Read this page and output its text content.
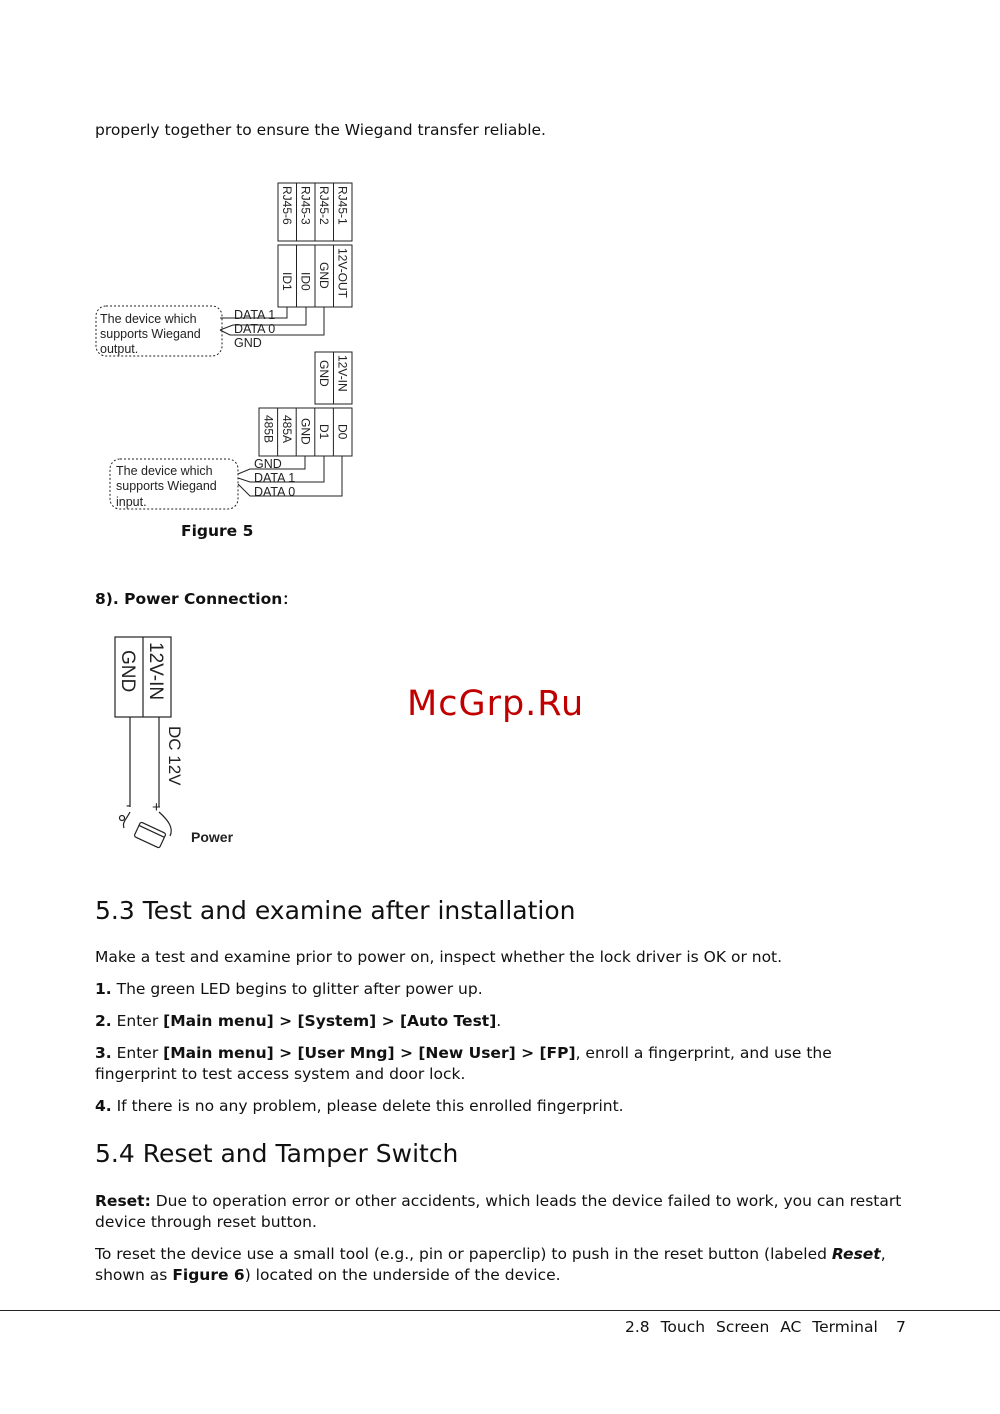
properly together to ensure the Wiegand transfer reliable.
RJ45-1
RJ45-2
RJ45-3
RJ45-6
12V-OUT
GND
ID0
ID1
12V-IN
GND
D0
D1
GND
485A
485B
The device which
supports Wiegand
output.
DATA 1
DATA 0
GND
The device which
supports Wiegand
input.
GND
DATA 1
DATA 0
Figure 5
8). Power Connection：
12V-IN
GND
DC 12V
- +
Power
McGrp.Ru
5.3 Test and examine after installation
Make a test and examine prior to power on, inspect whether the lock driver is OK or not.
1. The green LED begins to glitter after power up.
2. Enter [Main menu] > [System] > [Auto Test].
3. Enter [Main menu] > [User Mng] > [New User] > [FP], enroll a fingerprint, and use the fingerprint to test access system and door lock.
4. If there is no any problem, please delete this enrolled fingerprint.
5.4 Reset and Tamper Switch
Reset: Due to operation error or other accidents, which leads the device failed to work, you can restart device through reset button.
To reset the device use a small tool (e.g., pin or paperclip) to push in the reset button (labeled Reset, shown as Figure 6) located on the underside of the device.
2.8 Touch Screen AC Terminal 7
